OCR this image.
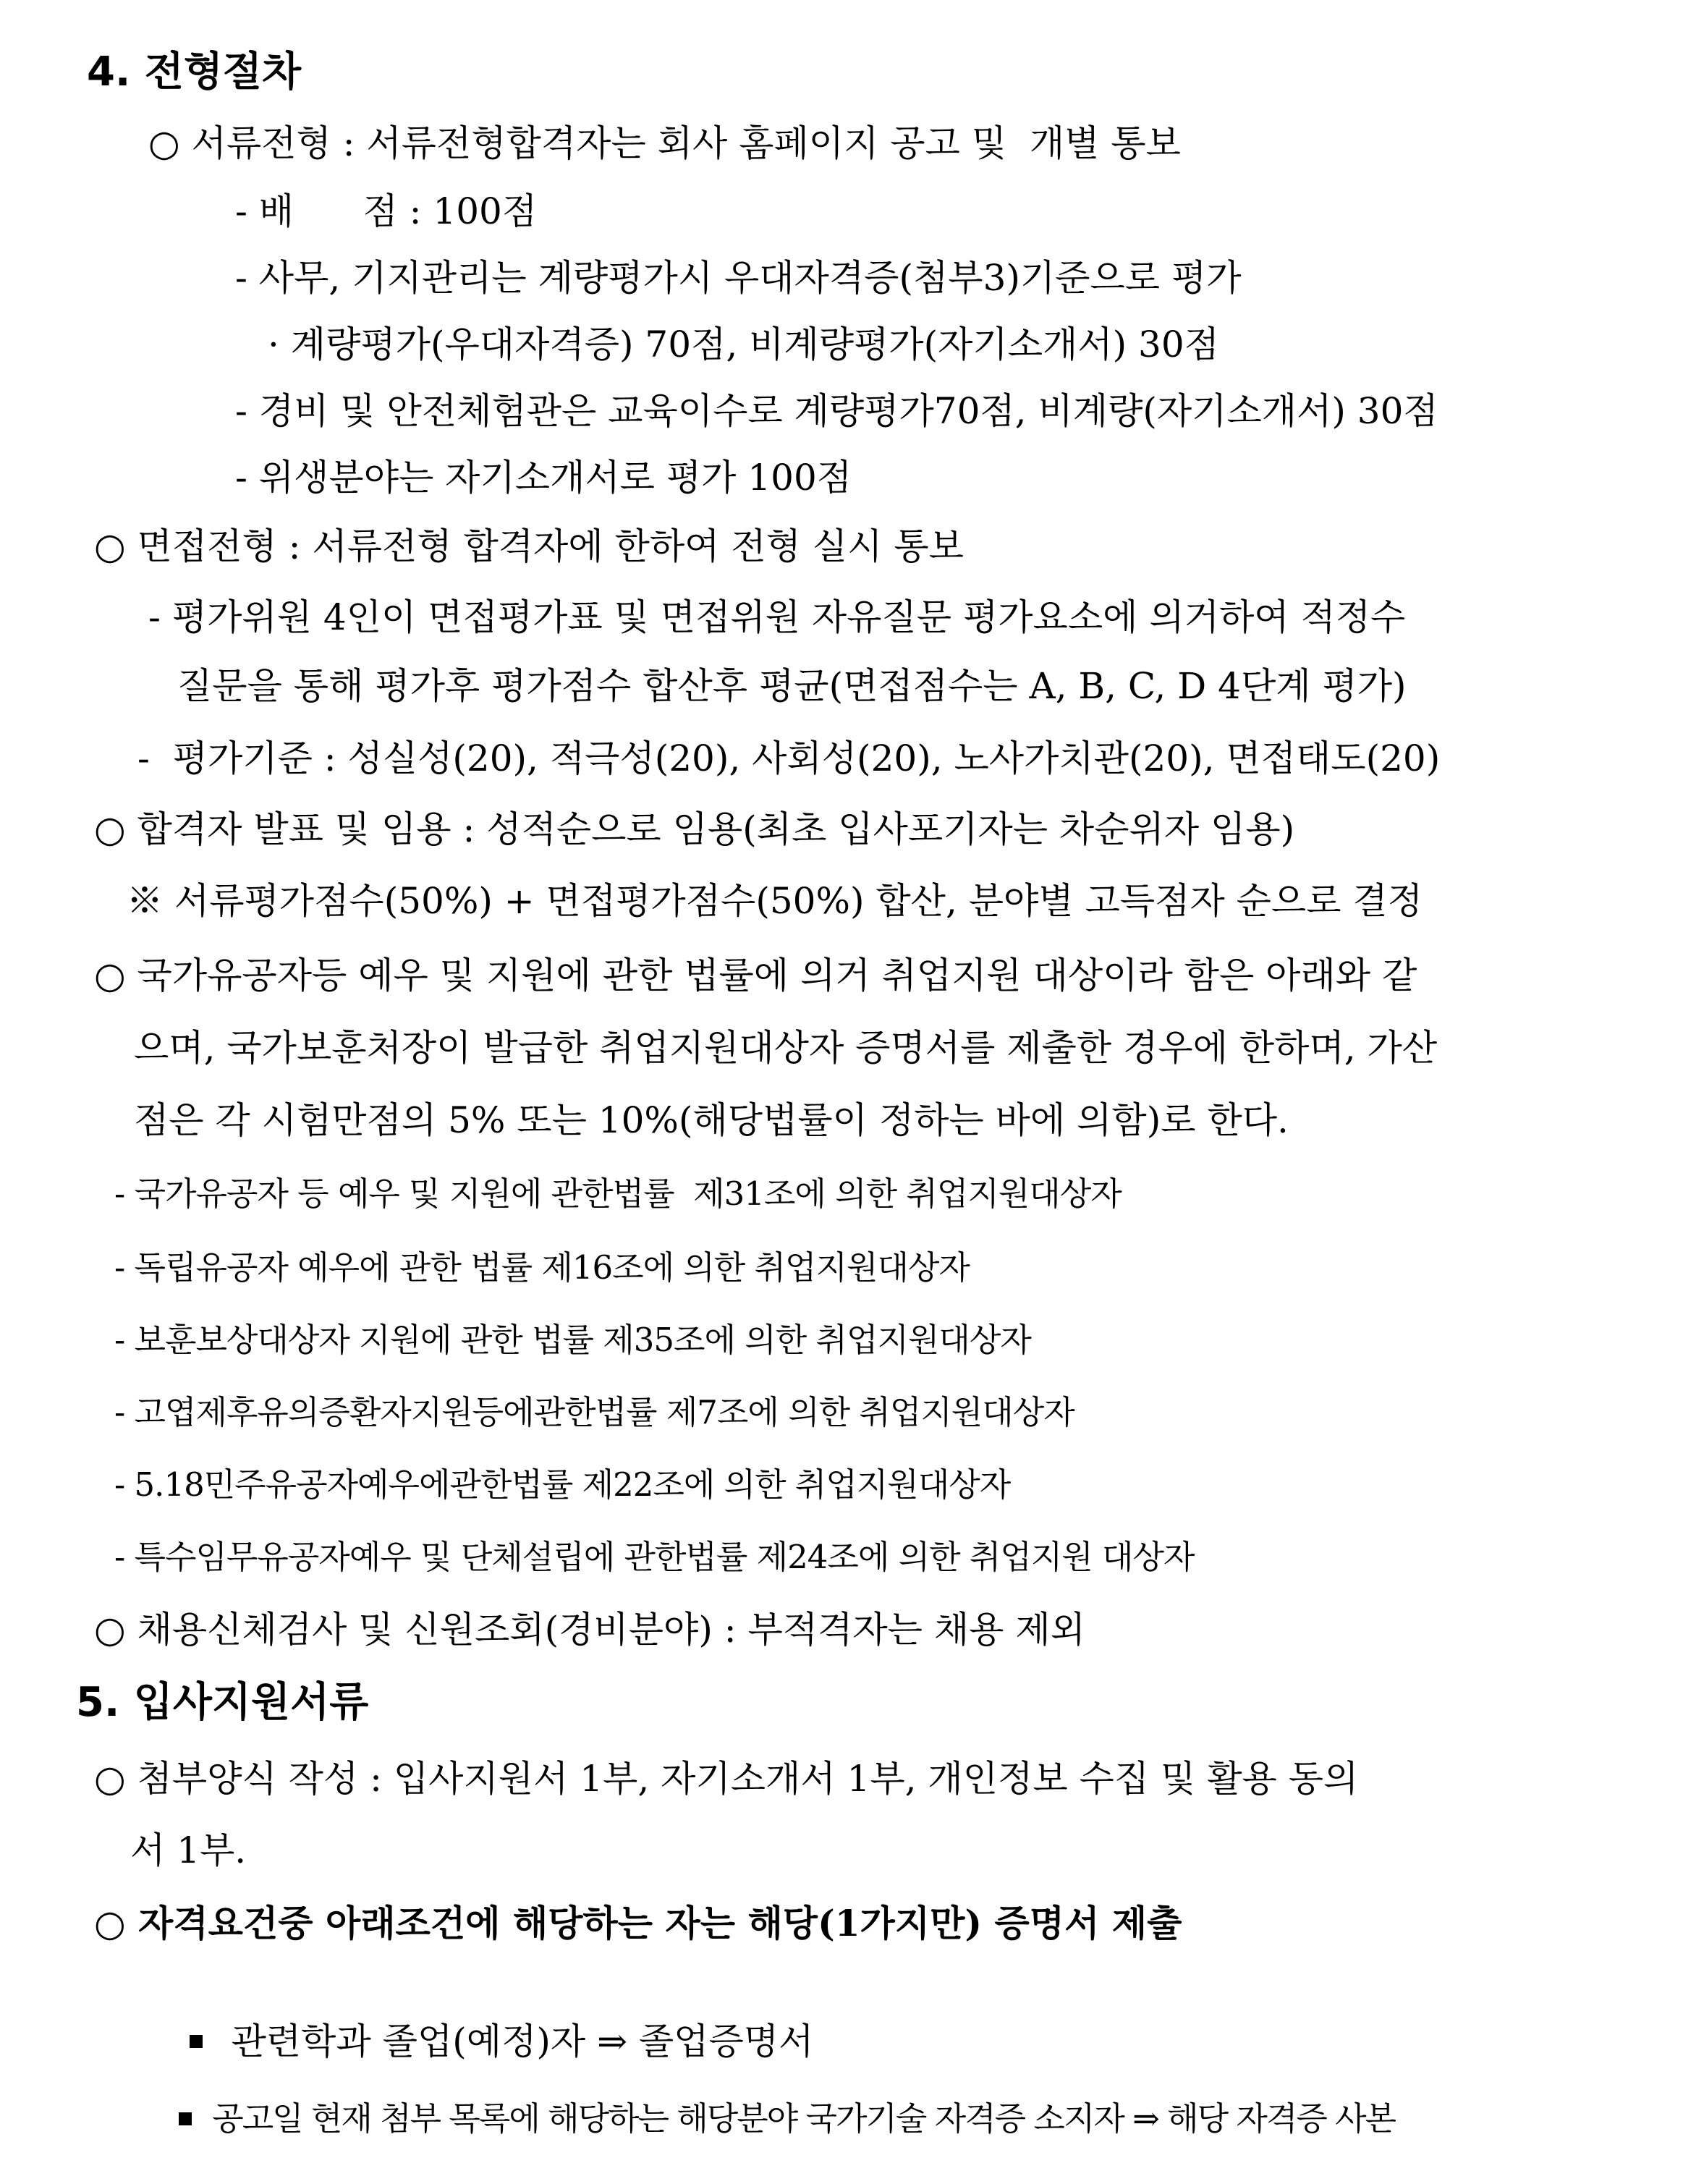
4. 전형절차
○ 서류전형 : 서류전형합격자는 회사 홈페이지 공고 및  개별 통보
- 배      점 : 100점
- 사무, 기지관리는 계량평가시 우대자격증(첨부3)기준으로 평가
· 계량평가(우대자격증) 70점, 비계량평가(자기소개서) 30점
- 경비 및 안전체험관은 교육이수로 계량평가70점, 비계량(자기소개서) 30점
- 위생분야는 자기소개서로 평가 100점
○ 면접전형 : 서류전형 합격자에 한하여 전형 실시 통보
- 평가위원 4인이 면접평가표 및 면접위원 자유질문 평가요소에 의거하여 적정수
질문을 통해 평가후 평가점수 합산후 평균(면접점수는 A, B, C, D 4단계 평가)
-  평가기준 : 성실성(20), 적극성(20), 사회성(20), 노사가치관(20), 면접태도(20)
○ 합격자 발표 및 임용 : 성적순으로 임용(최초 입사포기자는 차순위자 임용)
※ 서류평가점수(50%) + 면접평가점수(50%) 합산, 분야별 고득점자 순으로 결정
○ 국가유공자등 예우 및 지원에 관한 법률에 의거 취업지원 대상이라 함은 아래와 같
으며, 국가보훈처장이 발급한 취업지원대상자 증명서를 제출한 경우에 한하며, 가산
점은 각 시험만점의 5% 또는 10%(해당법률이 정하는 바에 의함)로 한다.
- 국가유공자 등 예우 및 지원에 관한법률  제31조에 의한 취업지원대상자
- 독립유공자 예우에 관한 법률 제16조에 의한 취업지원대상자
- 보훈보상대상자 지원에 관한 법률 제35조에 의한 취업지원대상자
- 고엽제후유의증환자지원등에관한법률 제7조에 의한 취업지원대상자
- 5.18민주유공자예우에관한법률 제22조에 의한 취업지원대상자
- 특수임무유공자예우 및 단체설립에 관한법률 제24조에 의한 취업지원 대상자
○ 채용신체검사 및 신원조회(경비분야) : 부적격자는 채용 제외
5. 입사지원서류
○ 첨부양식 작성 : 입사지원서 1부, 자기소개서 1부, 개인정보 수집 및 활용 동의
서 1부.
○ 자격요건중 아래조건에 해당하는 자는 해당(1가지만) 증명서 제출

관련학과 졸업(예정)자 ⇒ 졸업증명서

공고일 현재 첨부 목록에 해당하는 해당분야 국가기술 자격증 소지자 ⇒ 해당 자격증 사본
